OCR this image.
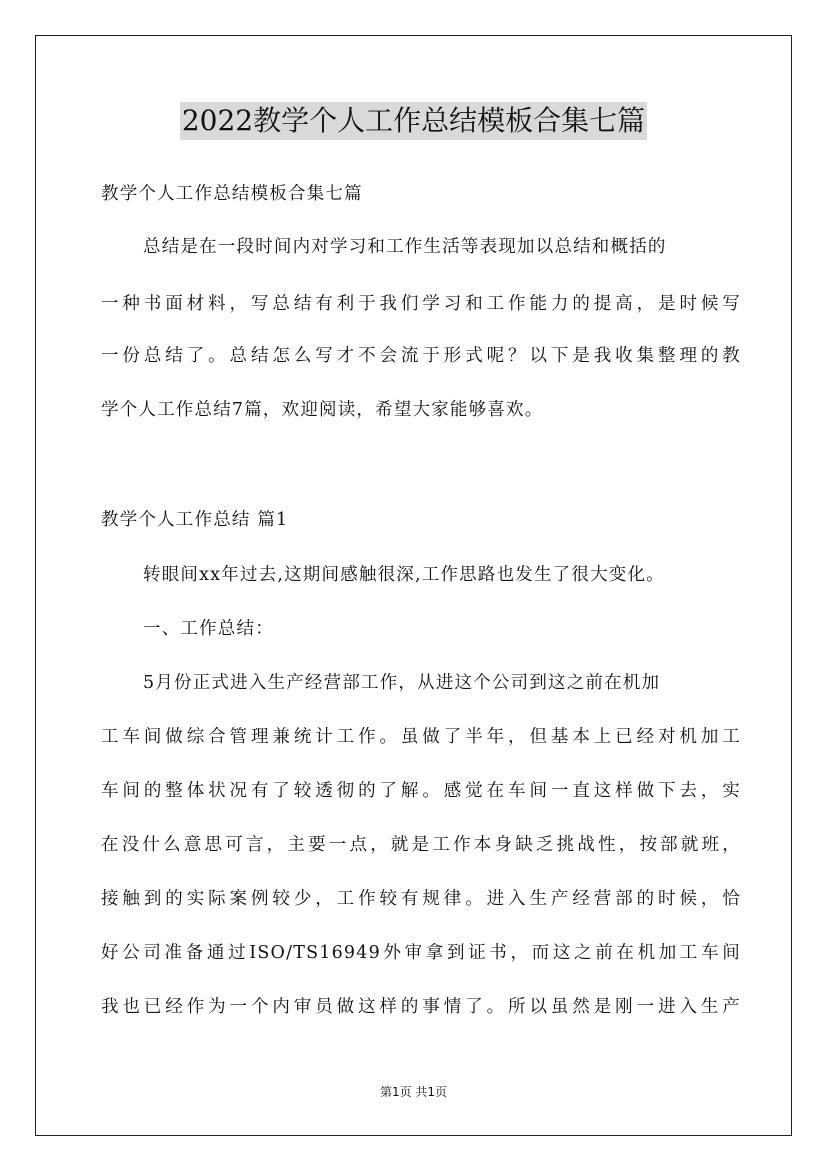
2022教学个人工作总结模板合集七篇
教学个人工作总结模板合集七篇
总结是在一段时间内对学习和工作生活等表现加以总结和概括的
一种书面材料，写总结有利于我们学习和工作能力的提高，是时候写
一份总结了。总结怎么写才不会流于形式呢？以下是我收集整理的教
学个人工作总结7篇，欢迎阅读，希望大家能够喜欢。
教学个人工作总结 篇1
转眼间xx年过去,这期间感触很深,工作思路也发生了很大变化。
一、工作总结：
5月份正式进入生产经营部工作，从进这个公司到这之前在机加
工车间做综合管理兼统计工作。虽做了半年，但基本上已经对机加工
车间的整体状况有了较透彻的了解。感觉在车间一直这样做下去，实
在没什么意思可言，主要一点，就是工作本身缺乏挑战性，按部就班，
接触到的实际案例较少，工作较有规律。进入生产经营部的时候，恰
好公司准备通过ISO/TS16949外审拿到证书，而这之前在机加工车间
我也已经作为一个内审员做这样的事情了。所以虽然是刚一进入生产
第1页 共1页
